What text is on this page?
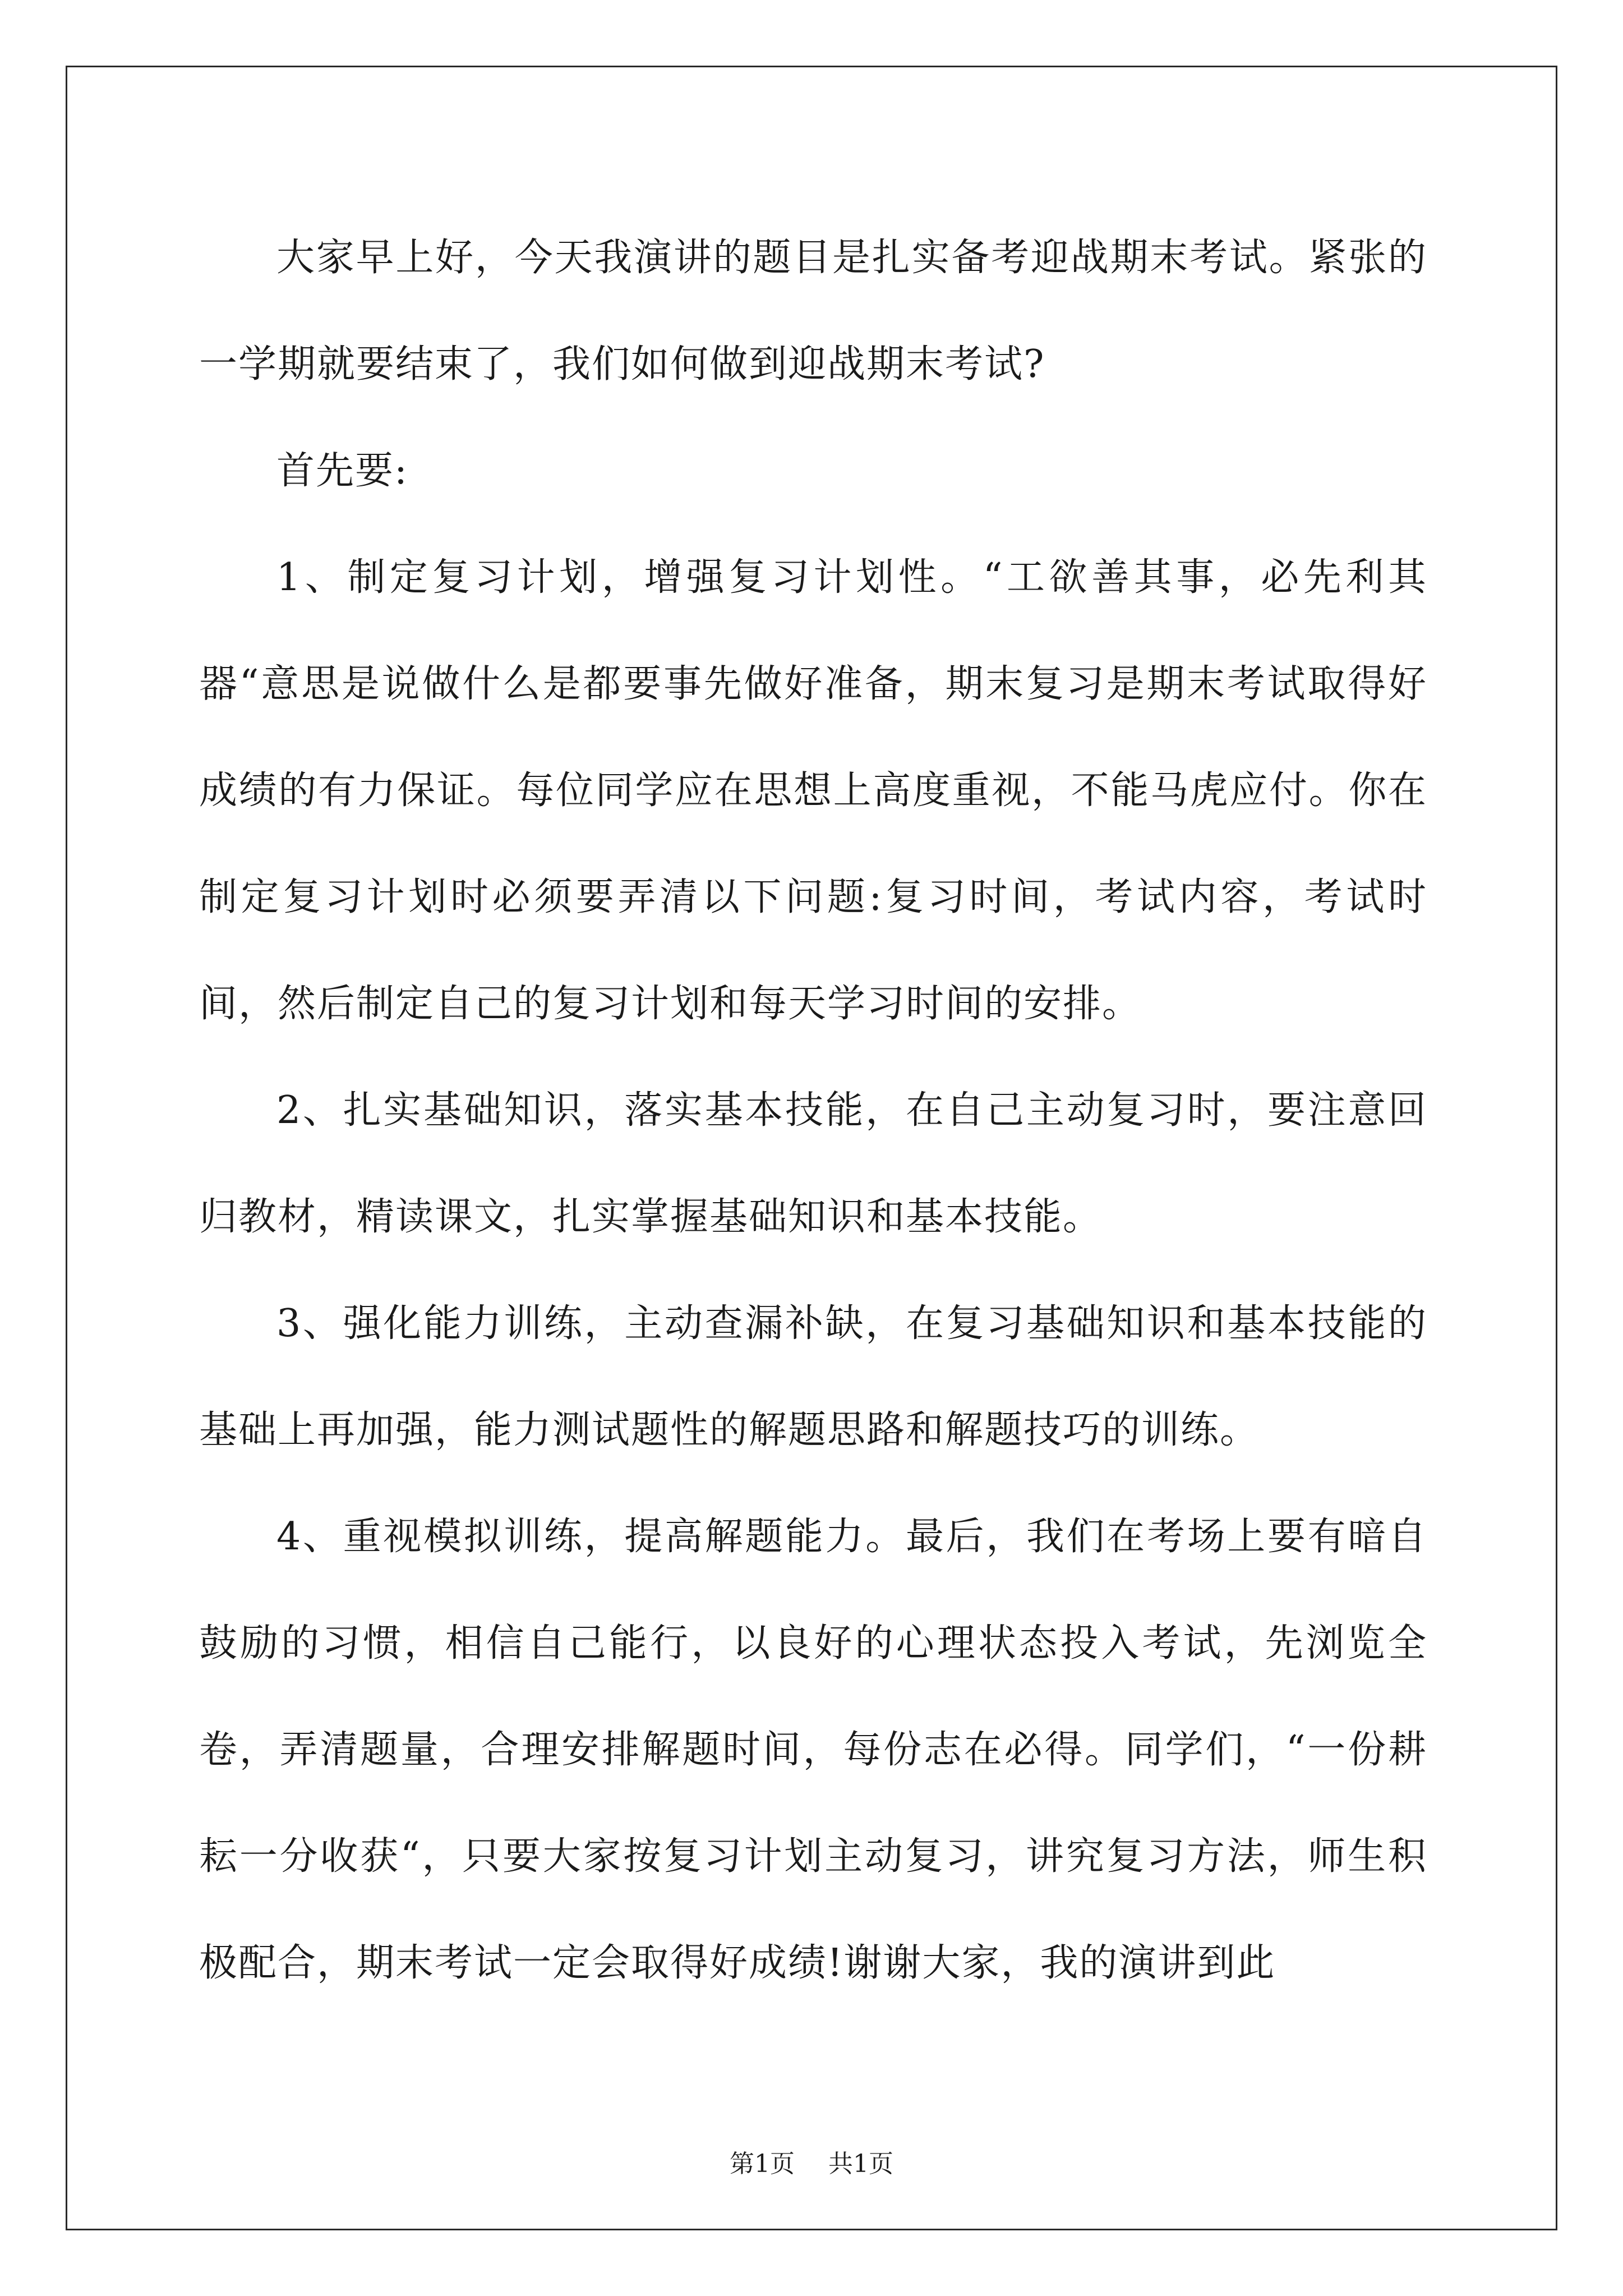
大家早上好，今天我演讲的题目是扎实备考迎战期末考试。紧张的一学期就要结束了，我们如何做到迎战期末考试?

首先要:

1、制定复习计划，增强复习计划性。“工欲善其事，必先利其器“意思是说做什么是都要事先做好准备，期末复习是期末考试取得好成绩的有力保证。每位同学应在思想上高度重视，不能马虎应付。你在制定复习计划时必须要弄清以下问题:复习时间，考试内容，考试时间，然后制定自己的复习计划和每天学习时间的安排。

2、扎实基础知识，落实基本技能，在自己主动复习时，要注意回归教材，精读课文，扎实掌握基础知识和基本技能。

3、强化能力训练，主动查漏补缺，在复习基础知识和基本技能的基础上再加强，能力测试题性的解题思路和解题技巧的训练。

4、重视模拟训练，提高解题能力。最后，我们在考场上要有暗自鼓励的习惯，相信自己能行，以良好的心理状态投入考试，先浏览全卷，弄清题量，合理安排解题时间，每份志在必得。同学们，“一份耕耘一分收获“，只要大家按复习计划主动复习，讲究复习方法，师生积极配合，期末考试一定会取得好成绩!谢谢大家，我的演讲到此

第1页 共1页
